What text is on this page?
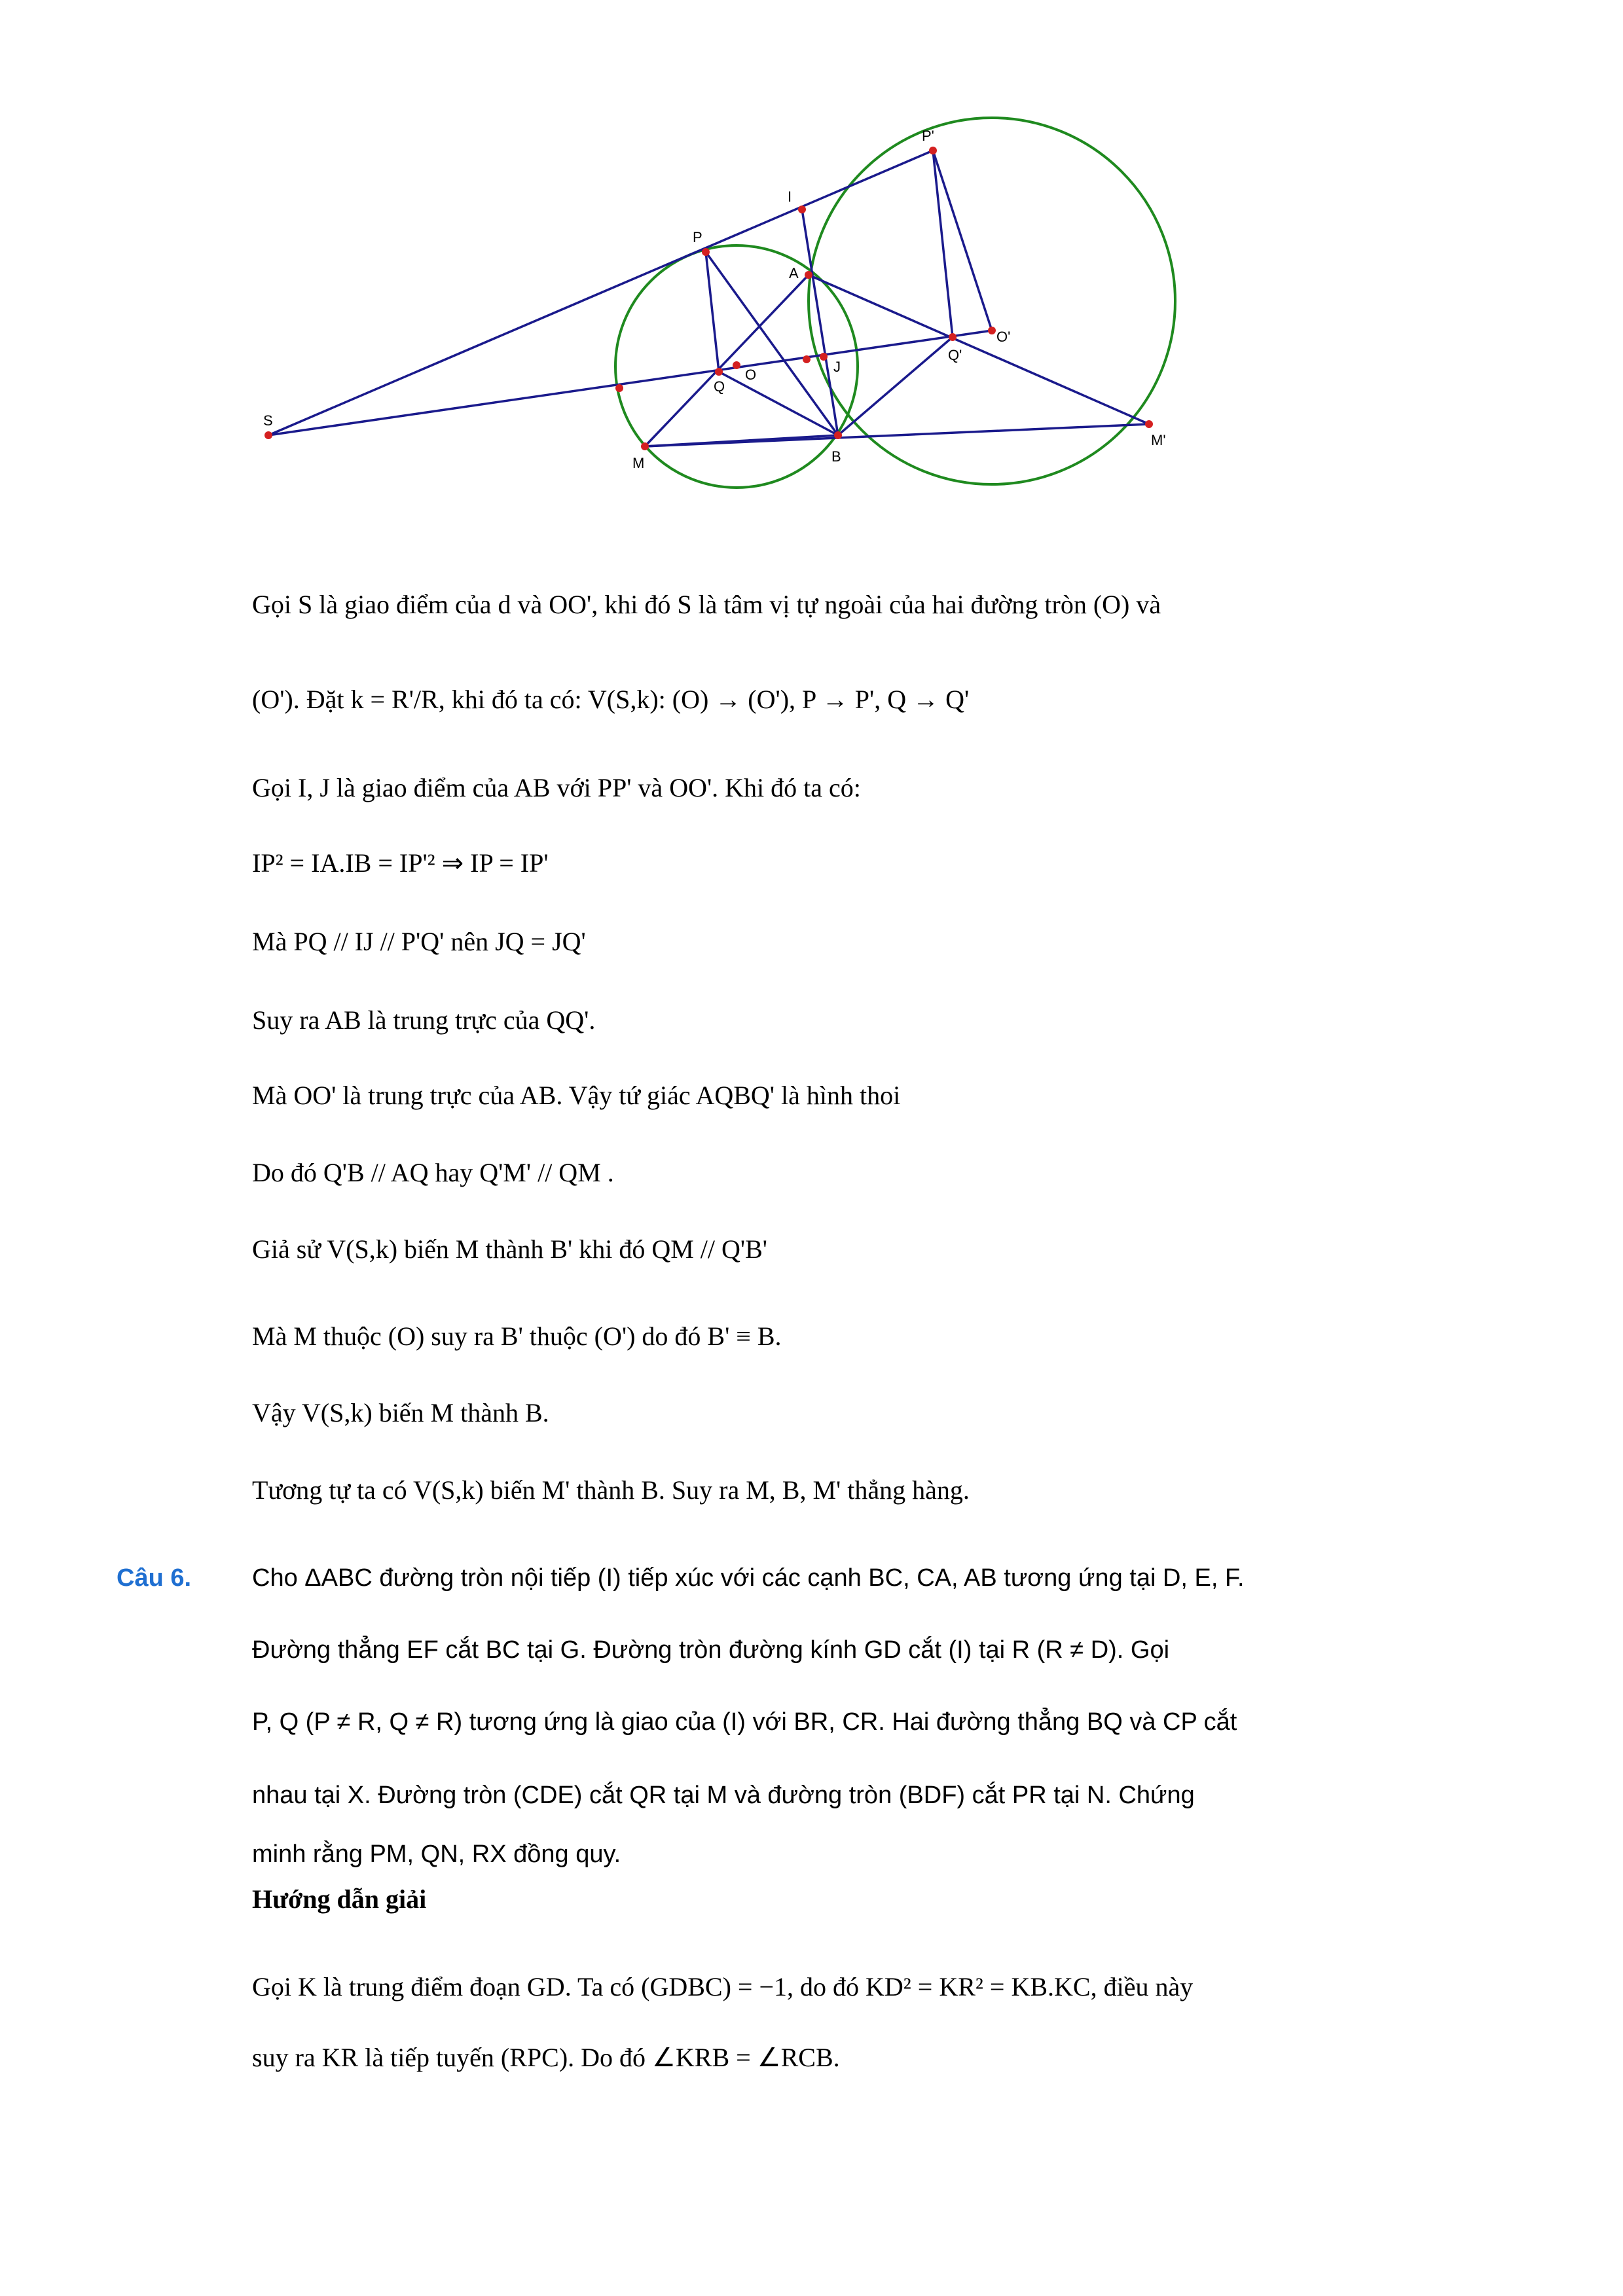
P'
I
P
A
O'
Q'
J
O
Q
S
M	B
M'
Gọi S là giao điểm của d và OO', khi đó S là tâm vị tự ngoài của hai đường tròn (O) và
(O'). Đặt k = R'/R, khi đó ta có: V(S,k): (O) → (O'), P → P', Q → Q'
Gọi I, J là giao điểm của AB với PP' và OO'. Khi đó ta có:
IP² = IA.IB = IP'² ⇒ IP = IP'
Mà PQ // IJ // P'Q' nên JQ = JQ'
Suy ra AB là trung trực của QQ'.
Mà OO' là trung trực của AB. Vậy tứ giác AQBQ' là hình thoi
Do đó Q'B // AQ hay Q'M' // QM .
Giả sử V(S,k) biến M thành B' khi đó QM // Q'B'
Mà M thuộc (O) suy ra B' thuộc (O') do đó B' ≡ B.
Vậy V(S,k) biến M thành B.
Tương tự ta có V(S,k) biến M' thành B. Suy ra M, B, M' thẳng hàng.
Câu 6. Cho ΔABC đường tròn nội tiếp (I) tiếp xúc với các cạnh BC, CA, AB tương ứng tại D, E, F.
Đường thẳng EF cắt BC tại G. Đường tròn đường kính GD cắt (I) tại R (R ≠ D). Gọi
P, Q (P ≠ R, Q ≠ R) tương ứng là giao của (I) với BR, CR. Hai đường thẳng BQ và CP cắt
nhau tại X. Đường tròn (CDE) cắt QR tại M và đường tròn (BDF) cắt PR tại N. Chứng
minh rằng PM, QN, RX đồng quy.
Hướng dẫn giải
Gọi K là trung điểm đoạn GD. Ta có (GDBC) = −1, do đó KD² = KR² = KB.KC, điều này
suy ra KR là tiếp tuyến (RPC). Do đó ∠KRB = ∠RCB.
